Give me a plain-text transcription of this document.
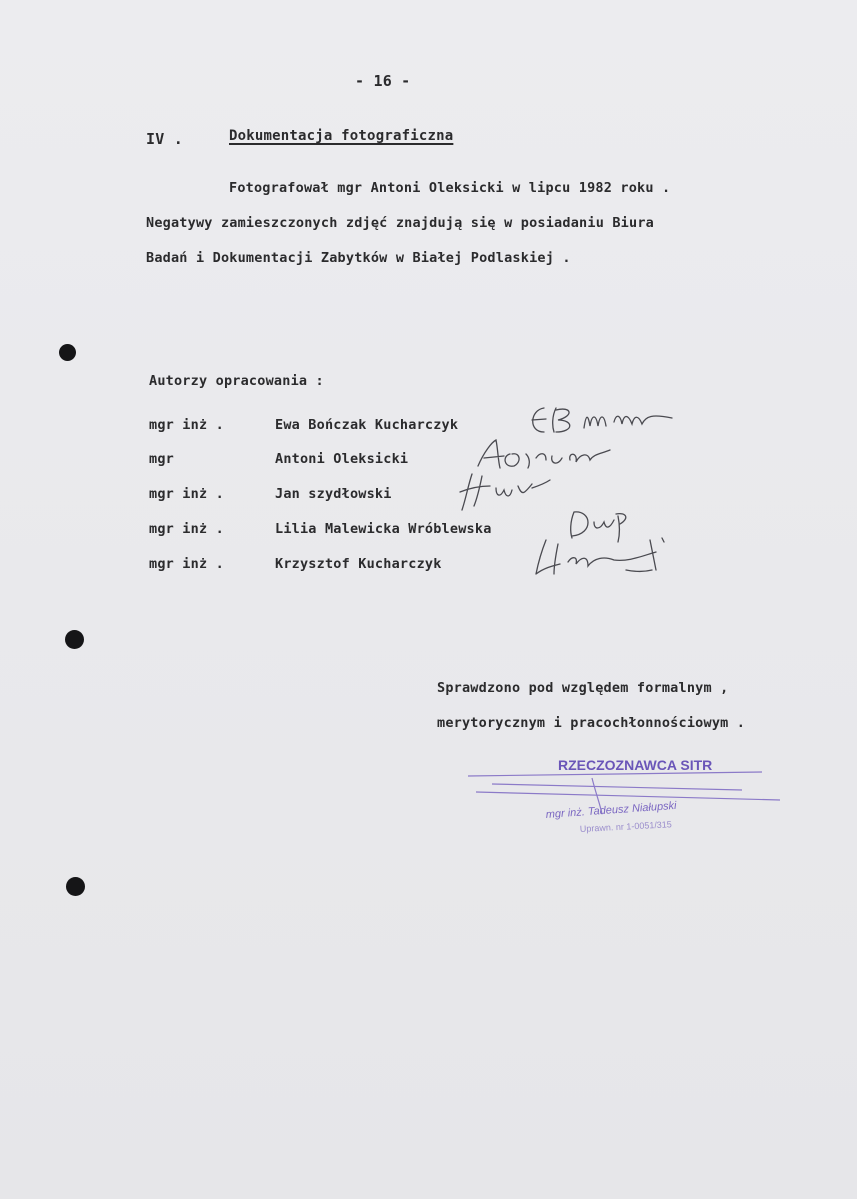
- 16 -
IV .	Dokumentacja fotograficzna
Fotografował mgr Antoni Oleksicki w lipcu 1982 roku .
Negatywy zamieszczonych zdjęć znajdują się w posiadaniu Biura
Badań i Dokumentacji Zabytków w Białej Podlaskiej .
Autorzy opracowania :
mgr inż .	Ewa Bończak Kucharczyk
mgr	Antoni Oleksicki
mgr inż .	Jan szydłowski
mgr inż .	Lilia Malewicka Wróblewska
mgr inż .	Krzysztof Kucharczyk
Sprawdzono pod względem formalnym ,
merytorycznym i pracochłonnościowym .
mgr inż. Tadeusz Niałupski
Uprawn. nr 1-0051/315
RZECZOZNAWCA SITR
